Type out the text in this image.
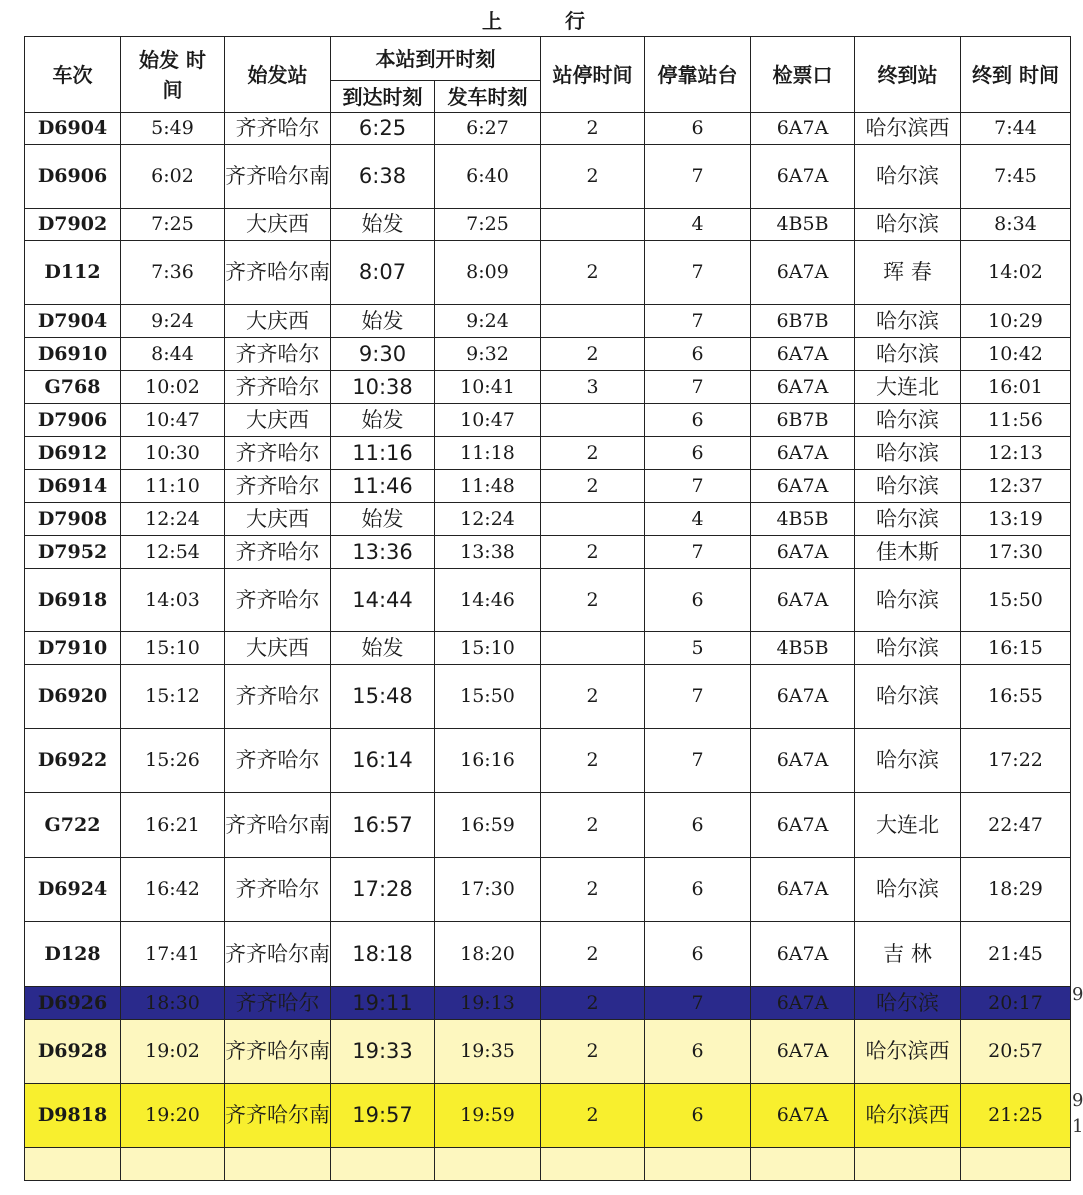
上 行									
车次	始发 时间	始发站	本站到开时刻		站停时间	停靠站台	检票口	终到站	终到 时间
			到达时刻	发车时刻					
D6904	5:49	齐齐哈尔	6:25	6:27	2	6	6A7A	哈尔滨西	7:44
D6906	6:02	齐齐哈尔南	6:38	6:40	2	7	6A7A	哈尔滨	7:45
D7902	7:25	大庆西	始发	7:25		4	4B5B	哈尔滨	8:34
D112	7:36	齐齐哈尔南	8:07	8:09	2	7	6A7A	珲 春	14:02
D7904	9:24	大庆西	始发	9:24		7	6B7B	哈尔滨	10:29
D6910	8:44	齐齐哈尔	9:30	9:32	2	6	6A7A	哈尔滨	10:42
G768	10:02	齐齐哈尔	10:38	10:41	3	7	6A7A	大连北	16:01
D7906	10:47	大庆西	始发	10:47		6	6B7B	哈尔滨	11:56
D6912	10:30	齐齐哈尔	11:16	11:18	2	6	6A7A	哈尔滨	12:13
D6914	11:10	齐齐哈尔	11:46	11:48	2	7	6A7A	哈尔滨	12:37
D7908	12:24	大庆西	始发	12:24		4	4B5B	哈尔滨	13:19
D7952	12:54	齐齐哈尔	13:36	13:38	2	7	6A7A	佳木斯	17:30
D6918	14:03	齐齐哈尔	14:44	14:46	2	6	6A7A	哈尔滨	15:50
D7910	15:10	大庆西	始发	15:10		5	4B5B	哈尔滨	16:15
D6920	15:12	齐齐哈尔	15:48	15:50	2	7	6A7A	哈尔滨	16:55
D6922	15:26	齐齐哈尔	16:14	16:16	2	7	6A7A	哈尔滨	17:22
G722	16:21	齐齐哈尔南	16:57	16:59	2	6	6A7A	大连北	22:47
D6924	16:42	齐齐哈尔	17:28	17:30	2	6	6A7A	哈尔滨	18:29
D128	17:41	齐齐哈尔南	18:18	18:20	2	6	6A7A	吉 林	21:45
D6926	18:30	齐齐哈尔	19:11	19:13	2	7	6A7A	哈尔滨	20:17
D6928	19:02	齐齐哈尔南	19:33	19:35	2	6	6A7A	哈尔滨西	20:57
D9818	19:20	齐齐哈尔南	19:57	19:59	2	6	6A7A	哈尔滨西	21:25

9
9
1
